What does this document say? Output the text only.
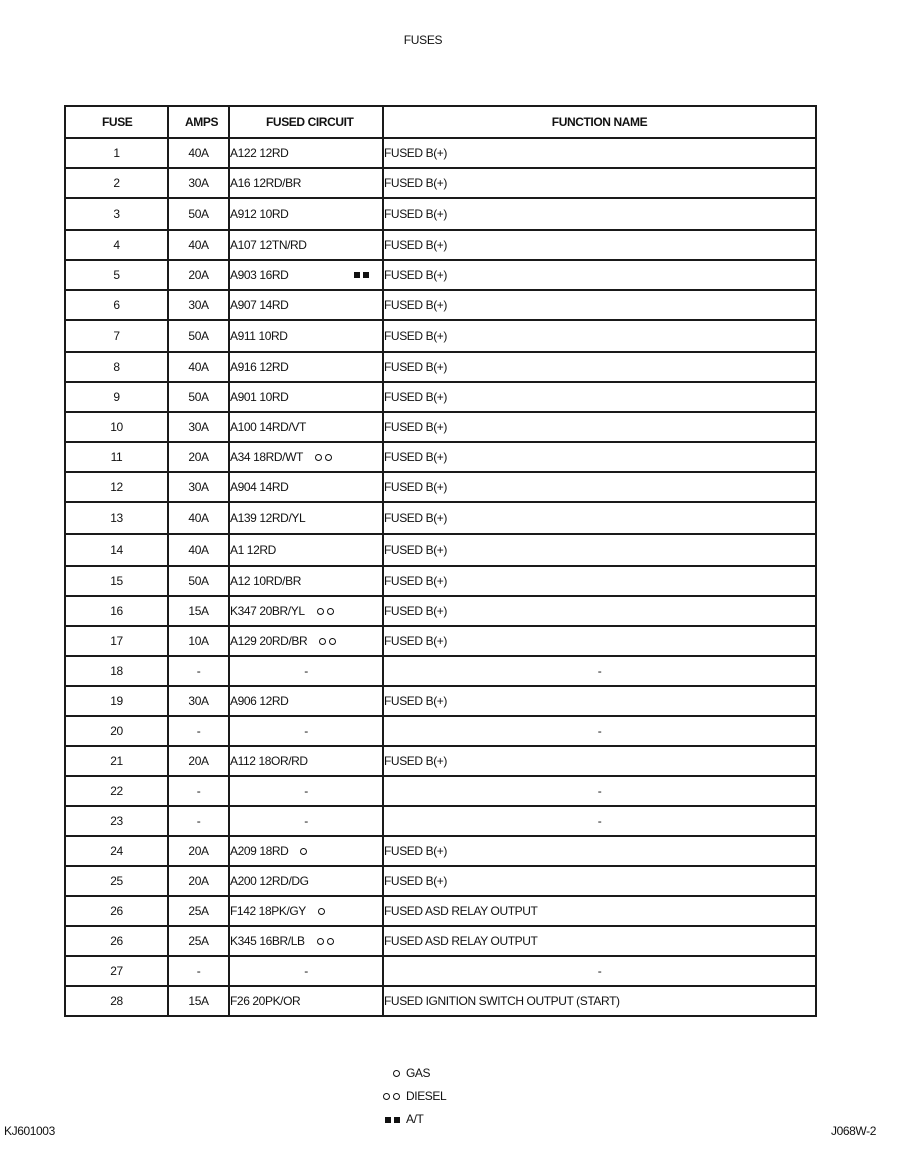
FUSES
FUSE	AMPS	FUSED CIRCUIT	FUNCTION NAME
1	40A	A122 12RD	FUSED B(+)
2	30A	A16 12RD/BR	FUSED B(+)
3	50A	A912 10RD	FUSED B(+)
4	40A	A107 12TN/RD	FUSED B(+)
5	20A	A903 16RD	FUSED B(+)
6	30A	A907 14RD	FUSED B(+)
7	50A	A911 10RD	FUSED B(+)
8	40A	A916 12RD	FUSED B(+)
9	50A	A901 10RD	FUSED B(+)
10	30A	A100 14RD/VT	FUSED B(+)
11	20A	A34 18RD/WT	FUSED B(+)
12	30A	A904 14RD	FUSED B(+)
13	40A	A139 12RD/YL	FUSED B(+)
14	40A	A1 12RD	FUSED B(+)
15	50A	A12 10RD/BR	FUSED B(+)
16	15A	K347 20BR/YL	FUSED B(+)
17	10A	A129 20RD/BR	FUSED B(+)
18	-	-	-
19	30A	A906 12RD	FUSED B(+)
20	-	-	-
21	20A	A112 18OR/RD	FUSED B(+)
22	-	-	-
23	-	-	-
24	20A	A209 18RD	FUSED B(+)
25	20A	A200 12RD/DG	FUSED B(+)
26	25A	F142 18PK/GY	FUSED ASD RELAY OUTPUT
26	25A	K345 16BR/LB	FUSED ASD RELAY OUTPUT
27	-	-	-
28	15A	F26 20PK/OR	FUSED IGNITION SWITCH OUTPUT (START)
GAS
DIESEL
A/T
KJ601003	J068W-2
